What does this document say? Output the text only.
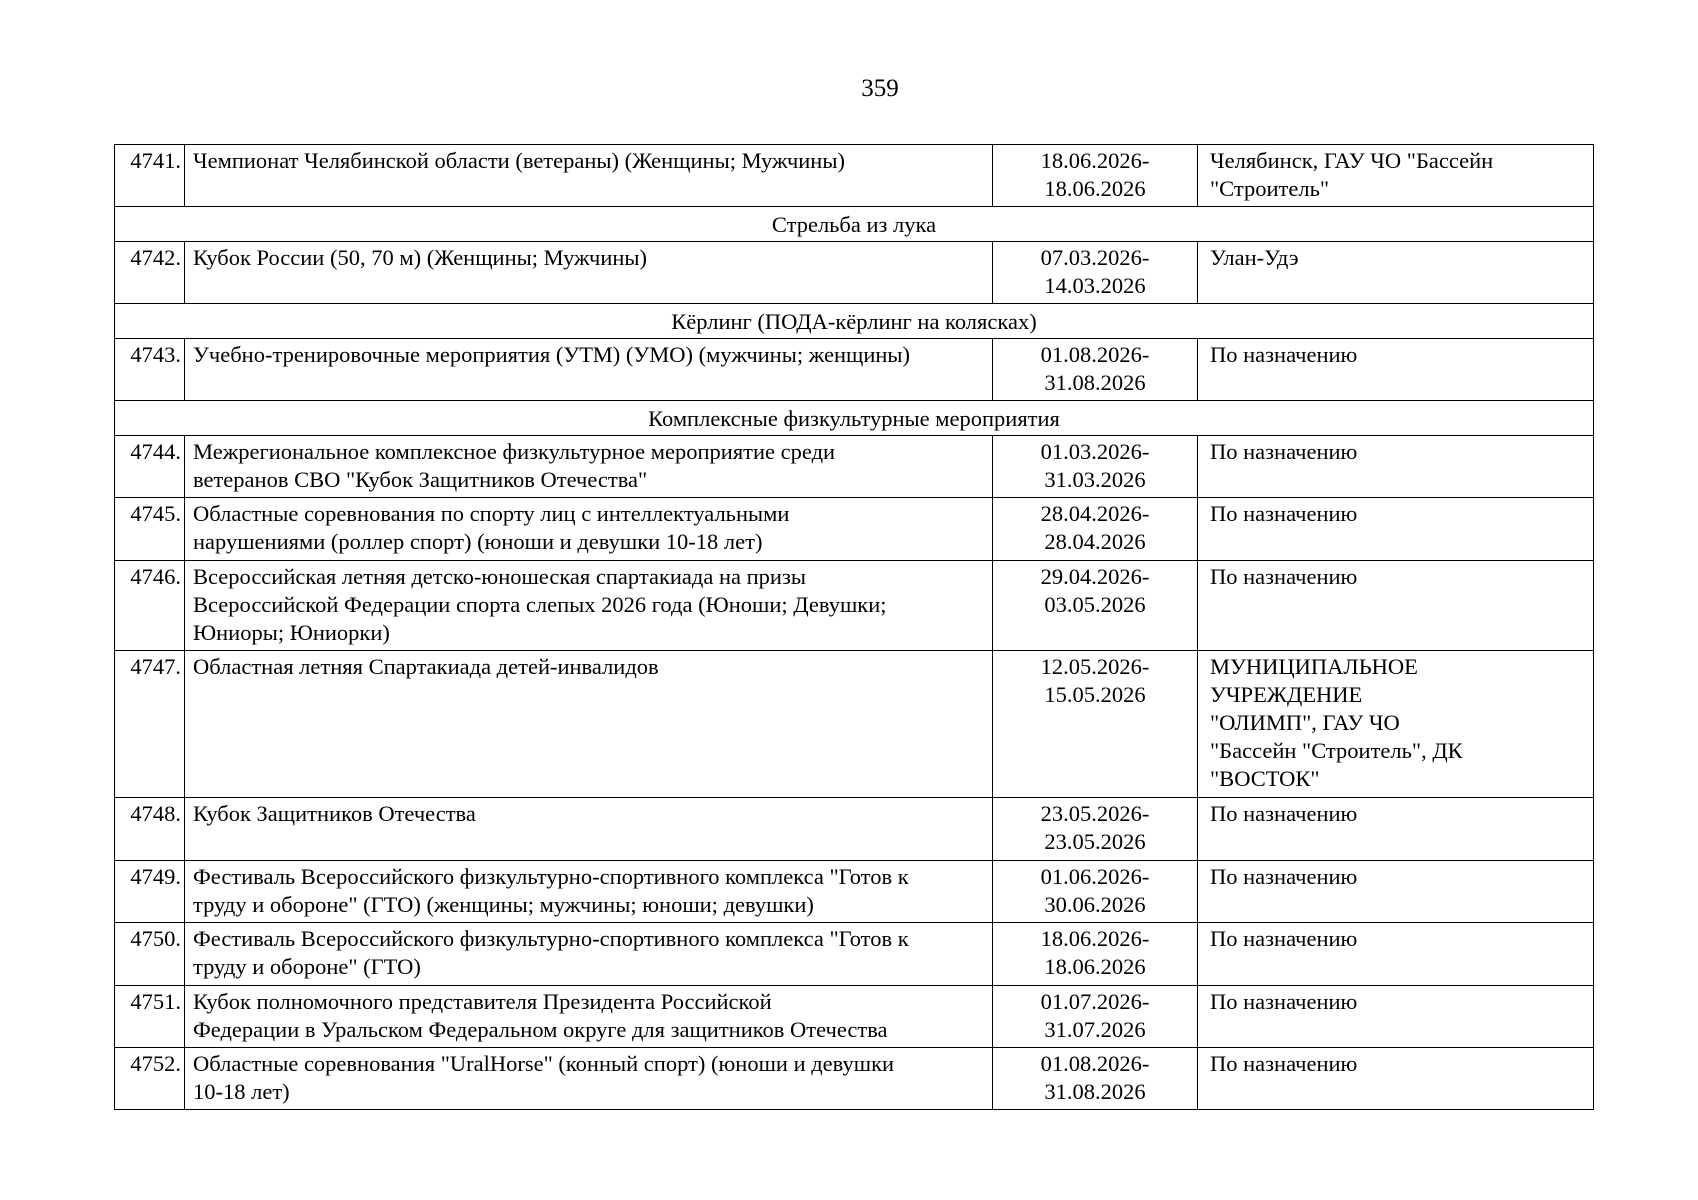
359
4741.	Чемпионат Челябинской области (ветераны) (Женщины; Мужчины)	18.06.2026-
18.06.2026	Челябинск, ГАУ ЧО "Бассейн
"Строитель"

Стрельба из лука			
4742.	Кубок России (50, 70 м) (Женщины; Мужчины)	07.03.2026-
14.03.2026	Улан-Удэ

Кёрлинг (ПОДА-кёрлинг на колясках)			
4743.	Учебно-тренировочные мероприятия (УТМ) (УМО) (мужчины; женщины)	01.08.2026-
31.08.2026	По назначению

Комплексные физкультурные мероприятия			
4744.	Межрегиональное комплексное физкультурное мероприятие среди
ветеранов СВО "Кубок Защитников Отечества"	01.03.2026-
31.03.2026	По назначению

4745.	Областные соревнования по спорту лиц с интеллектуальными
нарушениями (роллер спорт) (юноши и девушки 10-18 лет)	28.04.2026-
28.04.2026	По назначению

4746.	Всероссийская летняя детско-юношеская спартакиада на призы
Всероссийской Федерации спорта слепых 2026 года (Юноши; Девушки;
Юниоры; Юниорки)	29.04.2026-
03.05.2026	По назначению

4747.	Областная летняя Спартакиада детей-инвалидов	12.05.2026-
15.05.2026	МУНИЦИПАЛЬНОЕ
УЧРЕЖДЕНИЕ
"ОЛИМП", ГАУ ЧО
"Бассейн "Строитель", ДК
"ВОСТОК"

4748.	Кубок Защитников Отечества	23.05.2026-
23.05.2026	По назначению

4749.	Фестиваль Всероссийского физкультурно-спортивного комплекса "Готов к
труду и обороне" (ГТО) (женщины; мужчины; юноши; девушки)	01.06.2026-
30.06.2026	По назначению

4750.	Фестиваль Всероссийского физкультурно-спортивного комплекса "Готов к
труду и обороне" (ГТО)	18.06.2026-
18.06.2026	По назначению

4751.	Кубок полномочного представителя Президента Российской
Федерации в Уральском Федеральном округе для защитников Отечества	01.07.2026-
31.07.2026	По назначению

4752.	Областные соревнования "UralHorse" (конный спорт) (юноши и девушки
10-18 лет)	01.08.2026-
31.08.2026	По назначению
